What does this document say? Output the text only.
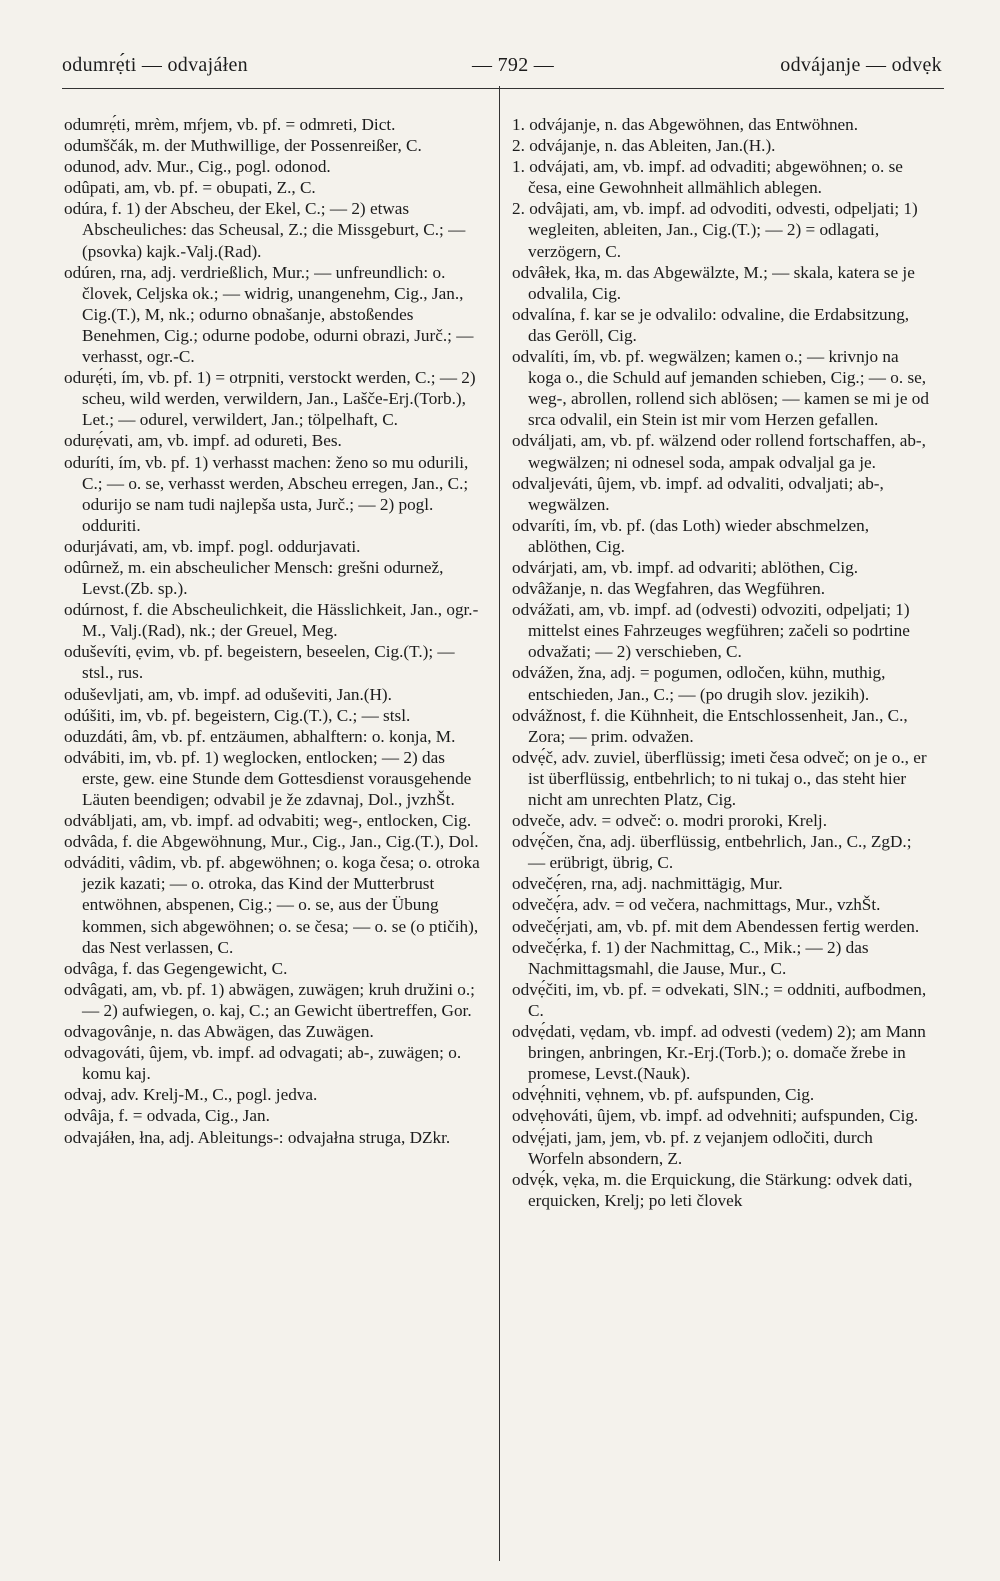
odumrẹ́ti — odvajáłen	— 792 —	odvájanje — odvẹk

odumrẹ́ti, mrèm, mŕjem, vb. pf. = odmreti, Dict.

odumščák, m. der Muthwillige, der Possenreißer, C.

odunod, adv. Mur., Cig., pogl. odonod.

odûpati, am, vb. pf. = obupati, Z., C.

odúra, f. 1) der Abscheu, der Ekel, C.; — 2) etwas Abscheuliches: das Scheusal, Z.; die Missgeburt, C.; — (psovka) kajk.-Valj.(Rad).

odúren, rna, adj. verdrießlich, Mur.; — unfreundlich: o. človek, Celjska ok.; — widrig, unangenehm, Cig., Jan., Cig.(T.), M, nk.; odurno obnašanje, abstoßendes Benehmen, Cig.; odurne podobe, odurni obrazi, Jurč.; — verhasst, ogr.-C.

odurẹ́ti, ím, vb. pf. 1) = otrpniti, verstockt werden, C.; — 2) scheu, wild werden, verwildern, Jan., Lašče-Erj.(Torb.), Let.; — odurel, verwildert, Jan.; tölpelhaft, C.

odurẹ́vati, am, vb. impf. ad odureti, Bes.

oduríti, ím, vb. pf. 1) verhasst machen: ženo so mu odurili, C.; — o. se, verhasst werden, Abscheu erregen, Jan., C.; odurijo se nam tudi najlepša usta, Jurč.; — 2) pogl. odduriti.

odurjávati, am, vb. impf. pogl. oddurjavati.

odûrnež, m. ein abscheulicher Mensch: grešni odurnež, Levst.(Zb. sp.).

odúrnost, f. die Abscheulichkeit, die Hässlichkeit, Jan., ogr.-M., Valj.(Rad), nk.; der Greuel, Meg.

oduševíti, ẹvim, vb. pf. begeistern, beseelen, Cig.(T.); — stsl., rus.

oduševljati, am, vb. impf. ad oduševiti, Jan.(H).

odúšiti, im, vb. pf. begeistern, Cig.(T.), C.; — stsl.

oduzdáti, âm, vb. pf. entzäumen, abhalftern: o. konja, M.

odvábiti, im, vb. pf. 1) weglocken, entlocken; — 2) das erste, gew. eine Stunde dem Gottesdienst vorausgehende Läuten beendigen; odvabil je že zdavnaj, Dol., jvzhŠt.

odvábljati, am, vb. impf. ad odvabiti; weg-, entlocken, Cig.

odvâda, f. die Abgewöhnung, Mur., Cig., Jan., Cig.(T.), Dol.

odváditi, vâdim, vb. pf. abgewöhnen; o. koga česa; o. otroka jezik kazati; — o. otroka, das Kind der Mutterbrust entwöhnen, abspenen, Cig.; — o. se, aus der Übung kommen, sich abgewöhnen; o. se česa; — o. se (o ptičih), das Nest verlassen, C.

odvâga, f. das Gegengewicht, C.

odvâgati, am, vb. pf. 1) abwägen, zuwägen; kruh družini o.; — 2) aufwiegen, o. kaj, C.; an Gewicht übertreffen, Gor.

odvagovânje, n. das Abwägen, das Zuwägen.

odvagováti, ûjem, vb. impf. ad odvagati; ab-, zuwägen; o. komu kaj.

odvaj, adv. Krelj-M., C., pogl. jedva.

odvâja, f. = odvada, Cig., Jan.

odvajáłen, łna, adj. Ableitungs-: odvajałna struga, DZkr.

1. odvájanje, n. das Abgewöhnen, das Entwöhnen.

2. odvájanje, n. das Ableiten, Jan.(H.).

1. odvájati, am, vb. impf. ad odvaditi; abgewöhnen; o. se česa, eine Gewohnheit allmählich ablegen.

2. odvâjati, am, vb. impf. ad odvoditi, odvesti, odpeljati; 1) wegleiten, ableiten, Jan., Cig.(T.); — 2) = odlagati, verzögern, C.

odvâłek, łka, m. das Abgewälzte, M.; — skala, katera se je odvalila, Cig.

odvalína, f. kar se je odvalilo: odvaline, die Erdabsitzung, das Geröll, Cig.

odvalíti, ím, vb. pf. wegwälzen; kamen o.; — krivnjo na koga o., die Schuld auf jemanden schieben, Cig.; — o. se, weg-, abrollen, rollend sich ablösen; — kamen se mi je od srca odvalil, ein Stein ist mir vom Herzen gefallen.

odváljati, am, vb. pf. wälzend oder rollend fortschaffen, ab-, wegwälzen; ni odnesel soda, ampak odvaljal ga je.

odvaljeváti, ûjem, vb. impf. ad odvaliti, odvaljati; ab-, wegwälzen.

odvaríti, ím, vb. pf. (das Loth) wieder abschmelzen, ablöthen, Cig.

odvárjati, am, vb. impf. ad odvariti; ablöthen, Cig.

odvâžanje, n. das Wegfahren, das Wegführen.

odvážati, am, vb. impf. ad (odvesti) odvoziti, odpeljati; 1) mittelst eines Fahrzeuges wegführen; začeli so podrtine odvažati; — 2) verschieben, C.

odvážen, žna, adj. = pogumen, odločen, kühn, muthig, entschieden, Jan., C.; — (po drugih slov. jezikih).

odvážnost, f. die Kühnheit, die Entschlossenheit, Jan., C., Zora; — prim. odvažen.

odvẹ́č, adv. zuviel, überflüssig; imeti česa odveč; on je o., er ist überflüssig, entbehrlich; to ni tukaj o., das steht hier nicht am unrechten Platz, Cig.

odveče, adv. = odveč: o. modri proroki, Krelj.

odvẹ́čen, čna, adj. überflüssig, entbehrlich, Jan., C., ZgD.; — erübrigt, übrig, C.

odvečẹ́ren, rna, adj. nachmittägig, Mur.

odvečẹ́ra, adv. = od večera, nachmittags, Mur., vzhŠt.

odvečẹ́rjati, am, vb. pf. mit dem Abendessen fertig werden.

odvečẹ́rka, f. 1) der Nachmittag, C., Mik.; — 2) das Nachmittagsmahl, die Jause, Mur., C.

odvẹ́čiti, im, vb. pf. = odvekati, SlN.; = oddniti, aufbodmen, C.

odvẹ́dati, vẹdam, vb. impf. ad odvesti (vedem) 2); am Mann bringen, anbringen, Kr.-Erj.(Torb.); o. domače žrebe in promese, Levst.(Nauk).

odvẹ́hniti, vẹhnem, vb. pf. aufspunden, Cig.

odvẹhováti, ûjem, vb. impf. ad odvehniti; aufspunden, Cig.

odvẹ́jati, jam, jem, vb. pf. z vejanjem odločiti, durch Worfeln absondern, Z.

odvẹ́k, vẹka, m. die Erquickung, die Stärkung: odvek dati, erquicken, Krelj; po leti človek
